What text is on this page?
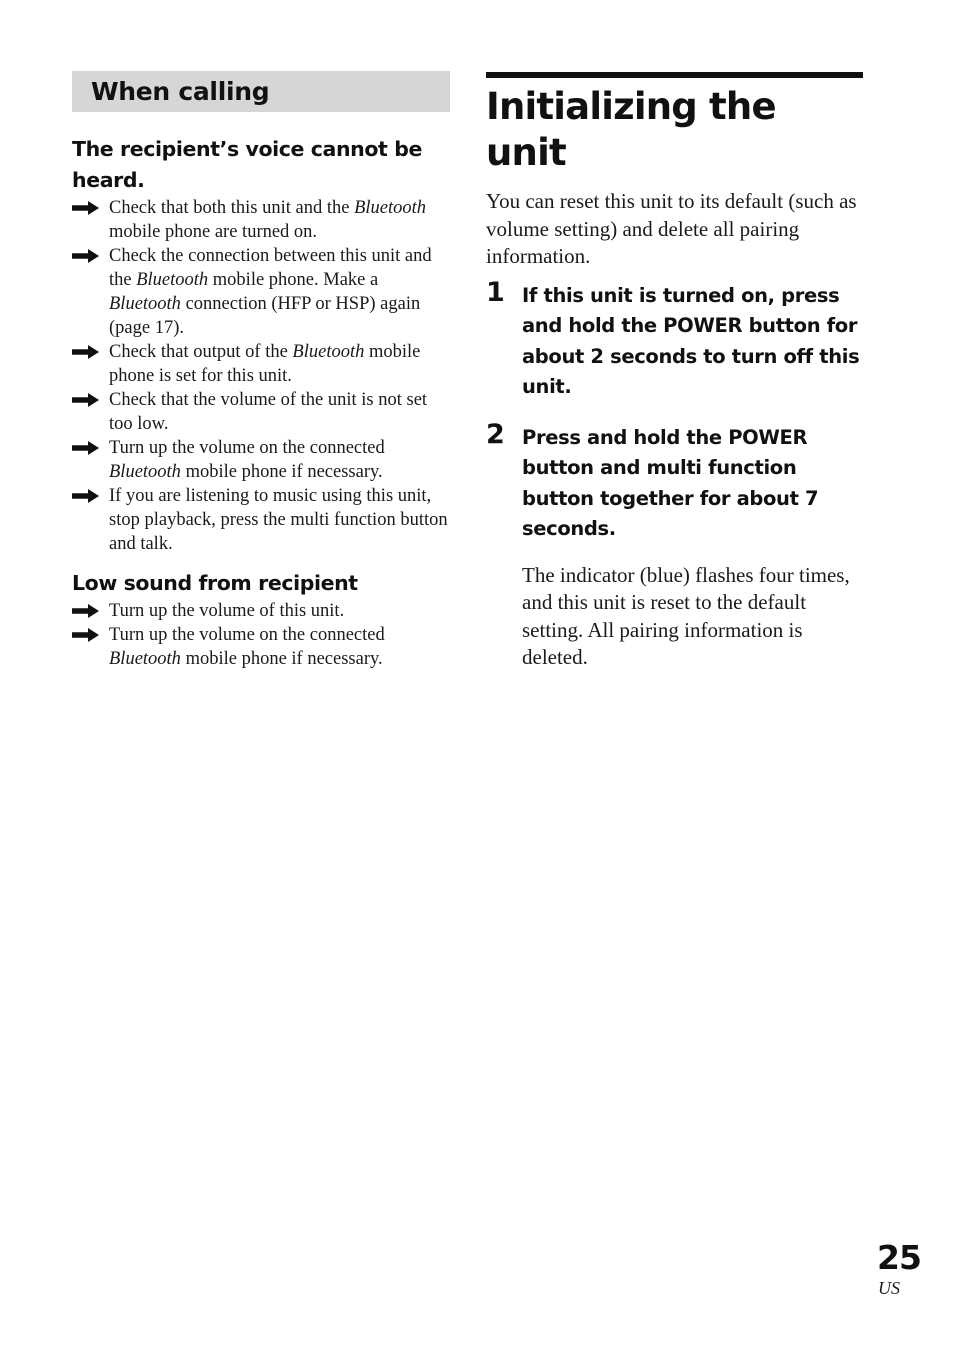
When calling
The recipient’s voice cannot be heard.
Check that both this unit and the Bluetooth mobile phone are turned on.
Check the connection between this unit and the Bluetooth mobile phone. Make a Bluetooth connection (HFP or HSP) again (page 17).
Check that output of the Bluetooth mobile phone is set for this unit.
Check that the volume of the unit is not set too low.
Turn up the volume on the connected Bluetooth mobile phone if necessary.
If you are listening to music using this unit, stop playback, press the multi function button and talk.
Low sound from recipient
Turn up the volume of this unit.
Turn up the volume on the connected Bluetooth mobile phone if necessary.
Initializing the unit

You can reset this unit to its default (such as volume setting) and delete all pairing information.

1 If this unit is turned on, press and hold the POWER button for about 2 seconds to turn off this unit.
2 Press and hold the POWER button and multi function button together for about 7 seconds.

The indicator (blue) flashes four times, and this unit is reset to the default setting. All pairing information is deleted.

25
US
